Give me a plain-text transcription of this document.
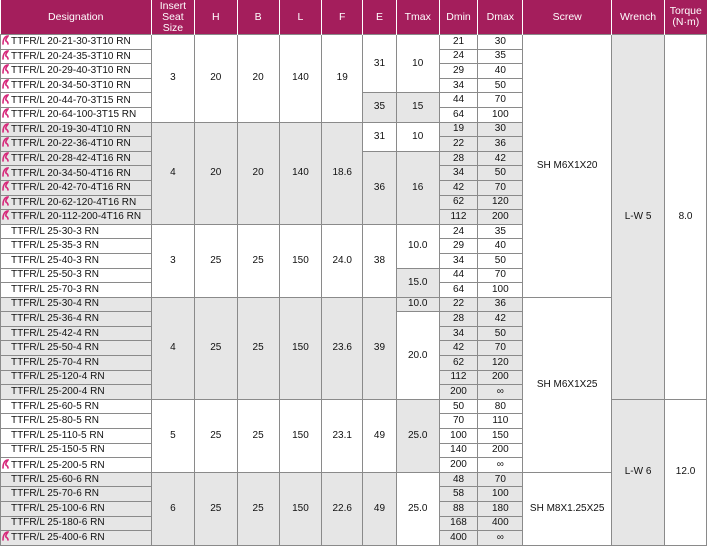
Designation	Insert
Seat Size	H	B	L	F	E	Tmax	Dmin	Dmax	Screw	Wrench	Torque
(N·m)

TTFR/L 20-21-30-3T10 RN	3	20	20	140	19	31	10	21	30	SH M6X1X20	L-W 5	8.0

TTFR/L 20-24-35-3T10 RN								24	35			

TTFR/L 20-29-40-3T10 RN								29	40			

TTFR/L 20-34-50-3T10 RN								34	50			

TTFR/L 20-44-70-3T15 RN						35	15	44	70			

TTFR/L 20-64-100-3T15 RN								64	100			

TTFR/L 20-19-30-4T10 RN	4	20	20	140	18.6	31	10	19	30			

TTFR/L 20-22-36-4T10 RN								22	36			

TTFR/L 20-28-42-4T16 RN						36	16	28	42			

TTFR/L 20-34-50-4T16 RN								34	50			

TTFR/L 20-42-70-4T16 RN								42	70			

TTFR/L 20-62-120-4T16 RN								62	120			

TTFR/L 20-112-200-4T16 RN								112	200			
TTFR/L 25-30-3 RN	3	25	25	150	24.0	38	10.0	24	35			
TTFR/L 25-35-3 RN								29	40			
TTFR/L 25-40-3 RN								34	50			
TTFR/L 25-50-3 RN							15.0	44	70			
TTFR/L 25-70-3 RN								64	100			
TTFR/L 25-30-4 RN	4	25	25	150	23.6	39	10.0	22	36	SH M6X1X25		
TTFR/L 25-36-4 RN							20.0	28	42			
TTFR/L 25-42-4 RN								34	50			
TTFR/L 25-50-4 RN								42	70			
TTFR/L 25-70-4 RN								62	120			
TTFR/L 25-120-4 RN								112	200			
TTFR/L 25-200-4 RN								200	∞			
TTFR/L 25-60-5 RN	5	25	25	150	23.1	49	25.0	50	80		L-W 6	12.0
TTFR/L 25-80-5 RN								70	110			
TTFR/L 25-110-5 RN								100	150			
TTFR/L 25-150-5 RN								140	200			

TTFR/L 25-200-5 RN								200	∞			
TTFR/L 25-60-6 RN	6	25	25	150	22.6	49	25.0	48	70	SH M8X1.25X25		
TTFR/L 25-70-6 RN								58	100			
TTFR/L 25-100-6 RN								88	180			
TTFR/L 25-180-6 RN								168	400			

TTFR/L 25-400-6 RN								400	∞			
